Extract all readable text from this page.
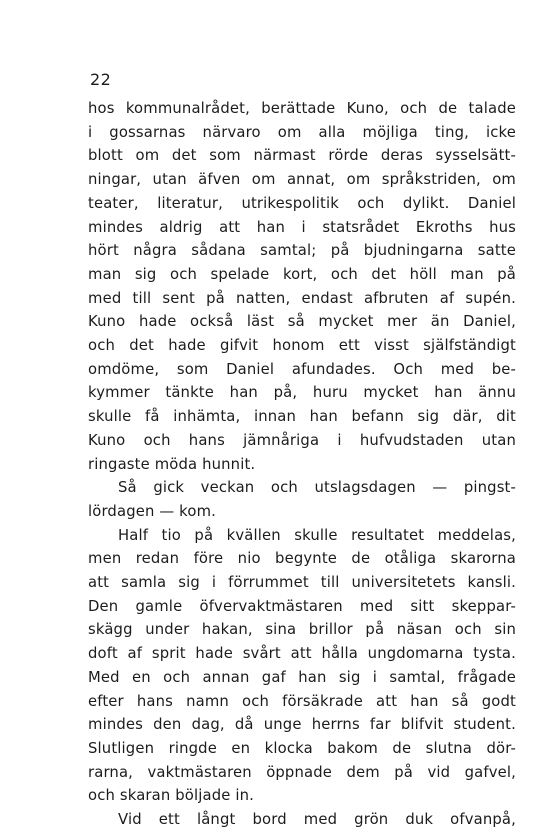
22
hos kommunalrådet, berättade Kuno, och de talade
i gossarnas närvaro om alla möjliga ting, icke
blott om det som närmast rörde deras sysselsätt-
ningar, utan äfven om annat, om språkstriden, om
teater, literatur, utrikespolitik och dylikt. Daniel
mindes aldrig att han i statsrådet Ekroths hus
hört några sådana samtal; på bjudningarna satte
man sig och spelade kort, och det höll man på
med till sent på natten, endast afbruten af supén.
Kuno hade också läst så mycket mer än Daniel,
och det hade gifvit honom ett visst själfständigt
omdöme, som Daniel afundades. Och med be-
kymmer tänkte han på, huru mycket han ännu
skulle få inhämta, innan han befann sig där, dit
Kuno och hans jämnåriga i hufvudstaden utan
ringaste möda hunnit.
Så gick veckan och utslagsdagen — pingst-
lördagen — kom.
Half tio på kvällen skulle resultatet meddelas,
men redan före nio begynte de otåliga skarorna
att samla sig i förrummet till universitetets kansli.
Den gamle öfvervaktmästaren med sitt skeppar-
skägg under hakan, sina brillor på näsan och sin
doft af sprit hade svårt att hålla ungdomarna tysta.
Med en och annan gaf han sig i samtal, frågade
efter hans namn och försäkrade att han så godt
mindes den dag, då unge herrns far blifvit student.
Slutligen ringde en klocka bakom de slutna dör-
rarna, vaktmästaren öppnade dem på vid gafvel,
och skaran böljade in.
Vid ett långt bord med grön duk ofvanpå,
